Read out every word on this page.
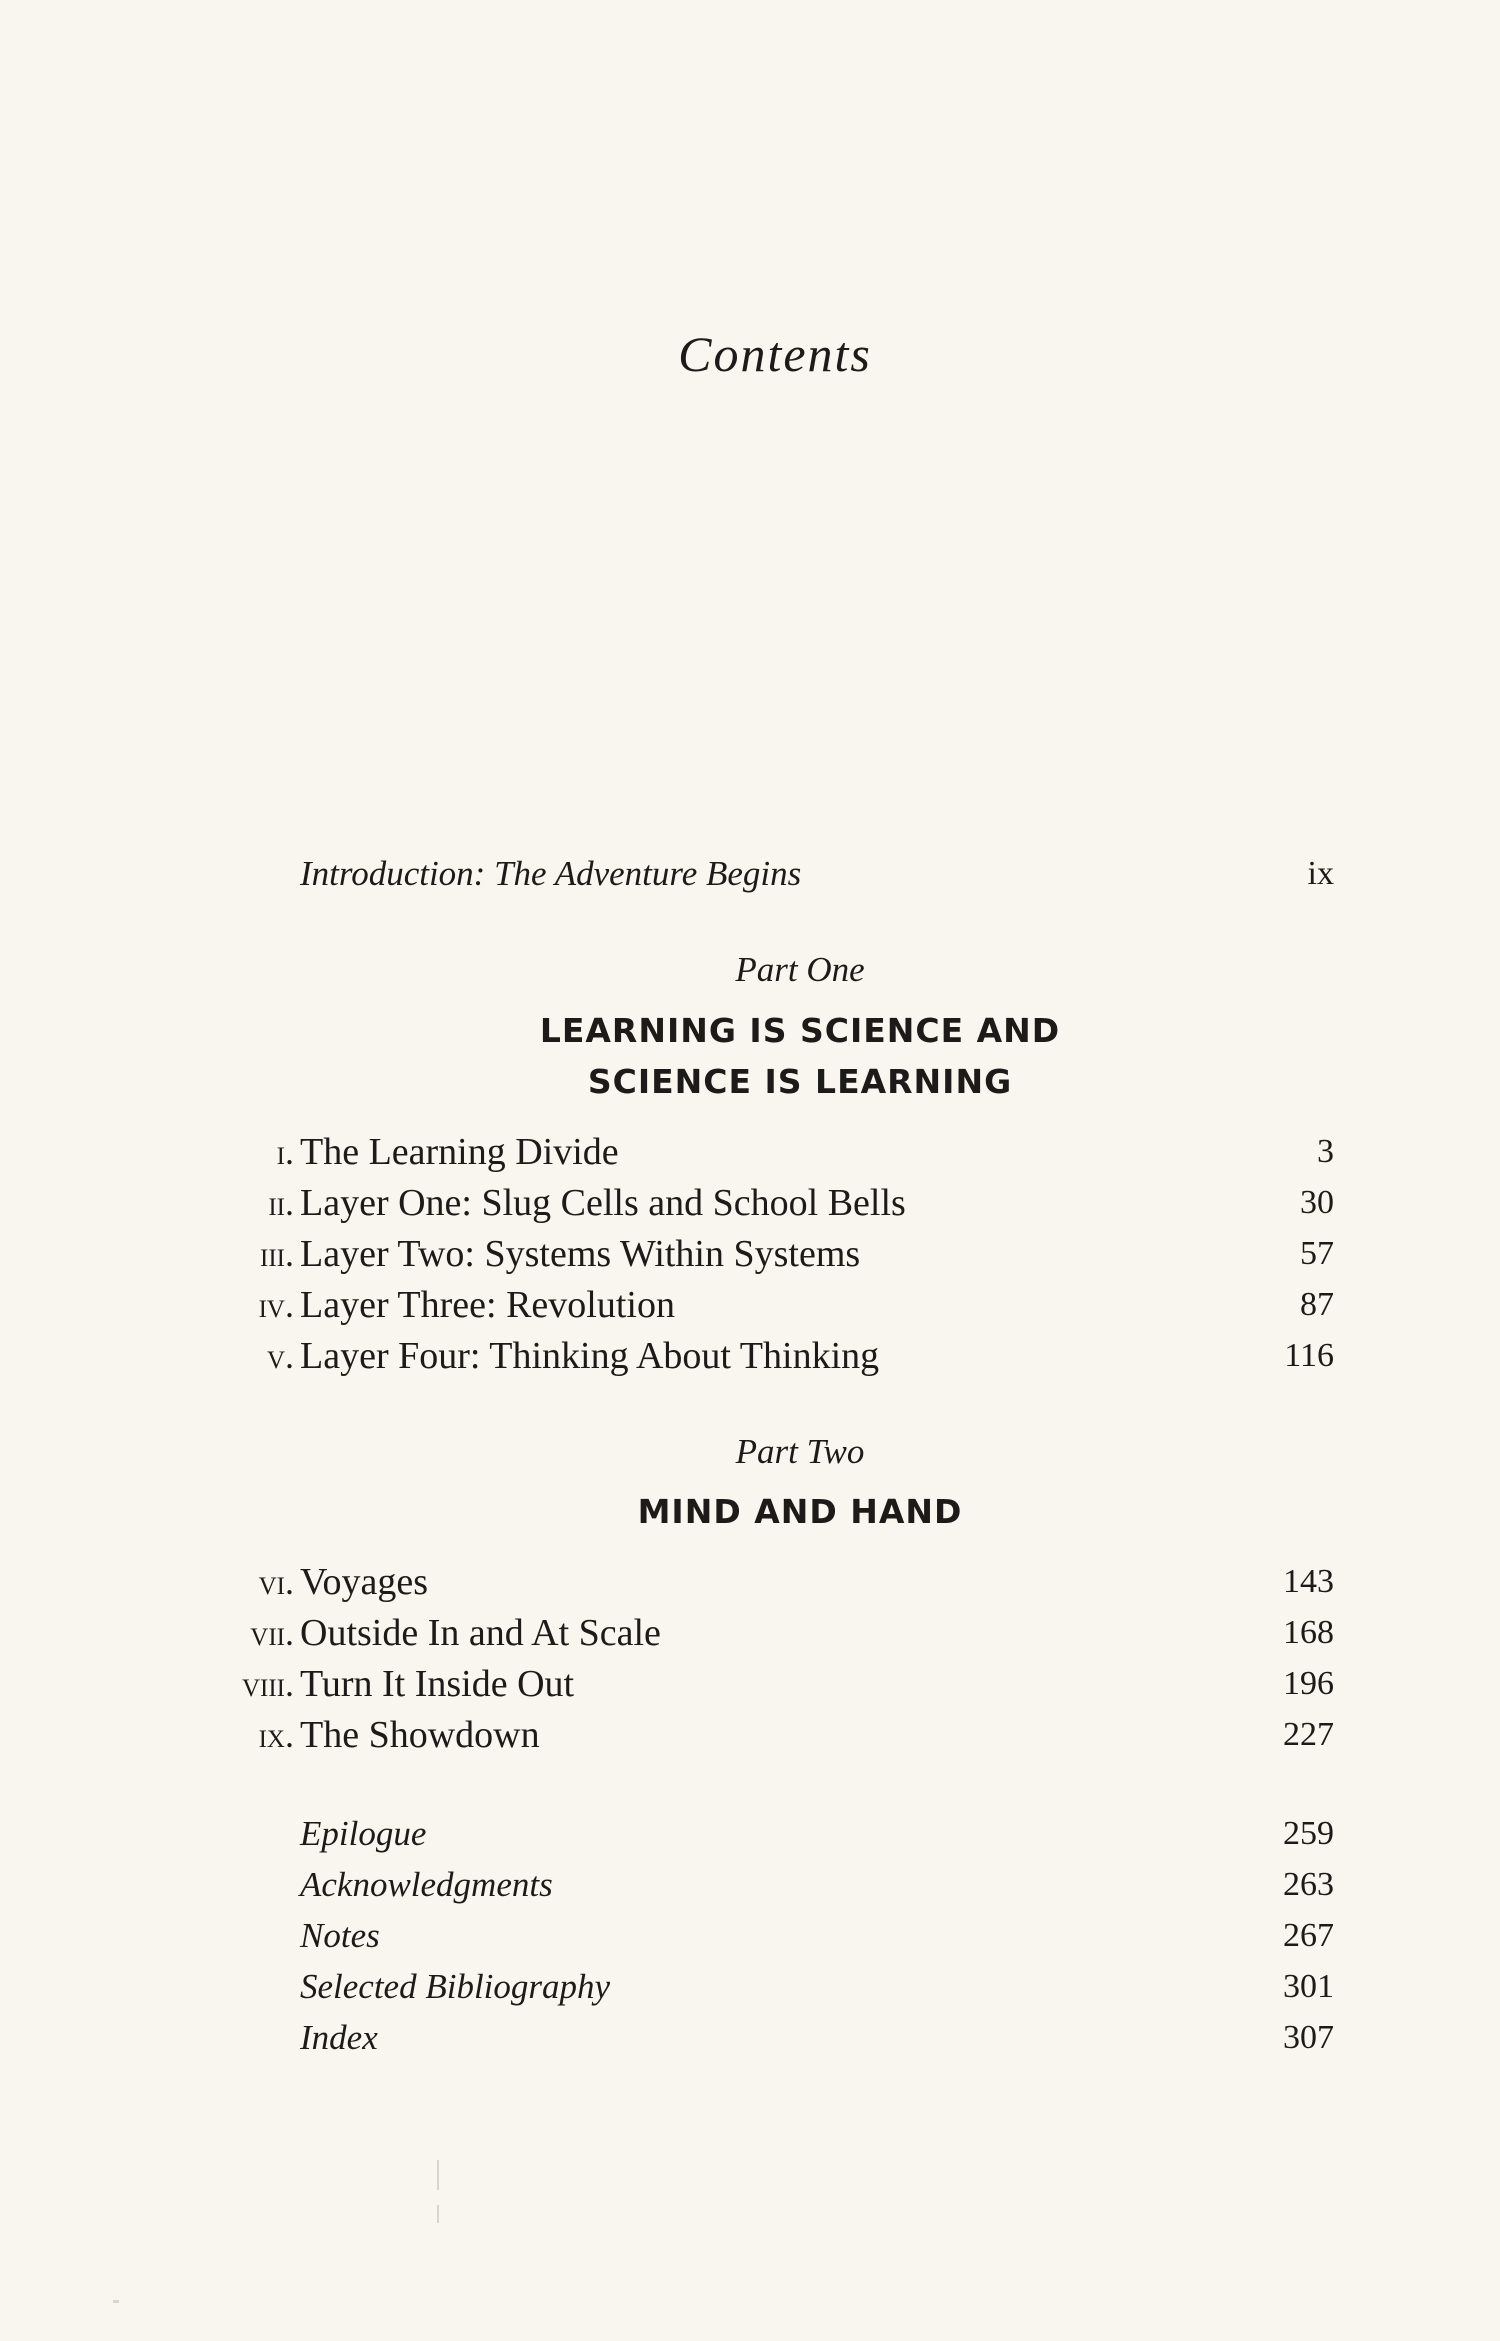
Contents
Introduction: The Adventure Begins	ix
Part One
LEARNING IS SCIENCE AND
SCIENCE IS LEARNING
i. The Learning Divide	3
ii. Layer One: Slug Cells and School Bells	30
iii. Layer Two: Systems Within Systems	57
iv. Layer Three: Revolution	87
v. Layer Four: Thinking About Thinking	116
Part Two
MIND AND HAND
vi. Voyages	143
vii. Outside In and At Scale	168
viii. Turn It Inside Out	196
ix. The Showdown	227
Epilogue	259
Acknowledgments	263
Notes	267
Selected Bibliography	301
Index	307
